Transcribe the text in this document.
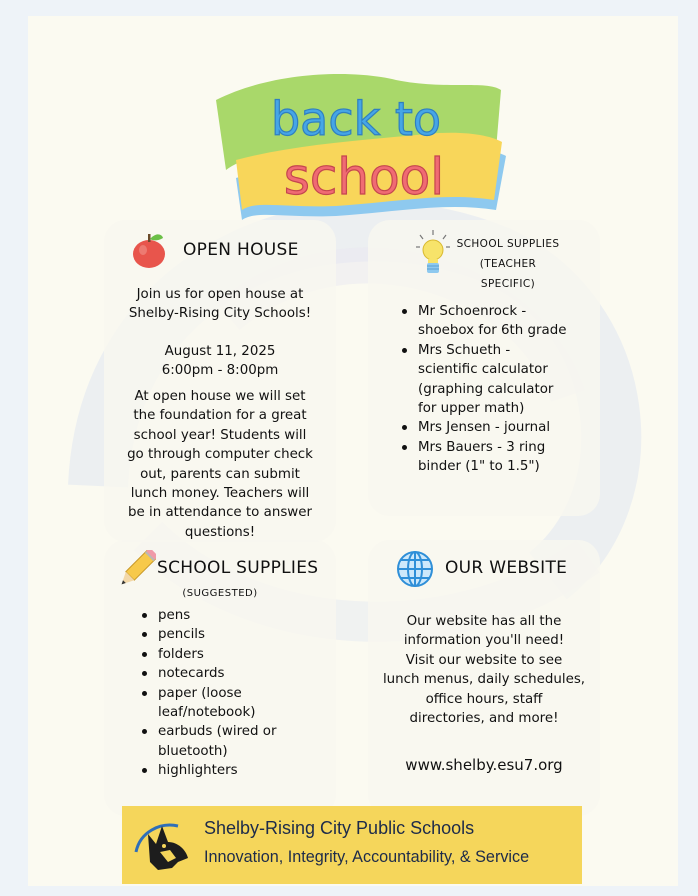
back to
school
OPEN HOUSE
Join us for open house at
Shelby-Rising City Schools!
August 11, 2025
6:00pm - 8:00pm
At open house we will set
the foundation for a great
school year! Students will
go through computer check
out, parents can submit
lunch money. Teachers will
be in attendance to answer
questions!
SCHOOL SUPPLIES
(TEACHER
SPECIFIC)
Mr Schoenrock -
shoebox for 6th grade
Mrs Schueth -
scientific calculator
(graphing calculator
for upper math)
Mrs Jensen - journal
Mrs Bauers - 3 ring
binder (1" to 1.5")
SCHOOL SUPPLIES
(SUGGESTED)
pens
pencils
folders
notecards
paper (loose
leaf/notebook)
earbuds (wired or
bluetooth)
highlighters
OUR WEBSITE
Our website has all the
information you'll need!
Visit our website to see
lunch menus, daily schedules,
office hours, staff
directories, and more!
www.shelby.esu7.org
Shelby-Rising City Public Schools
Innovation, Integrity, Accountability, & Service
